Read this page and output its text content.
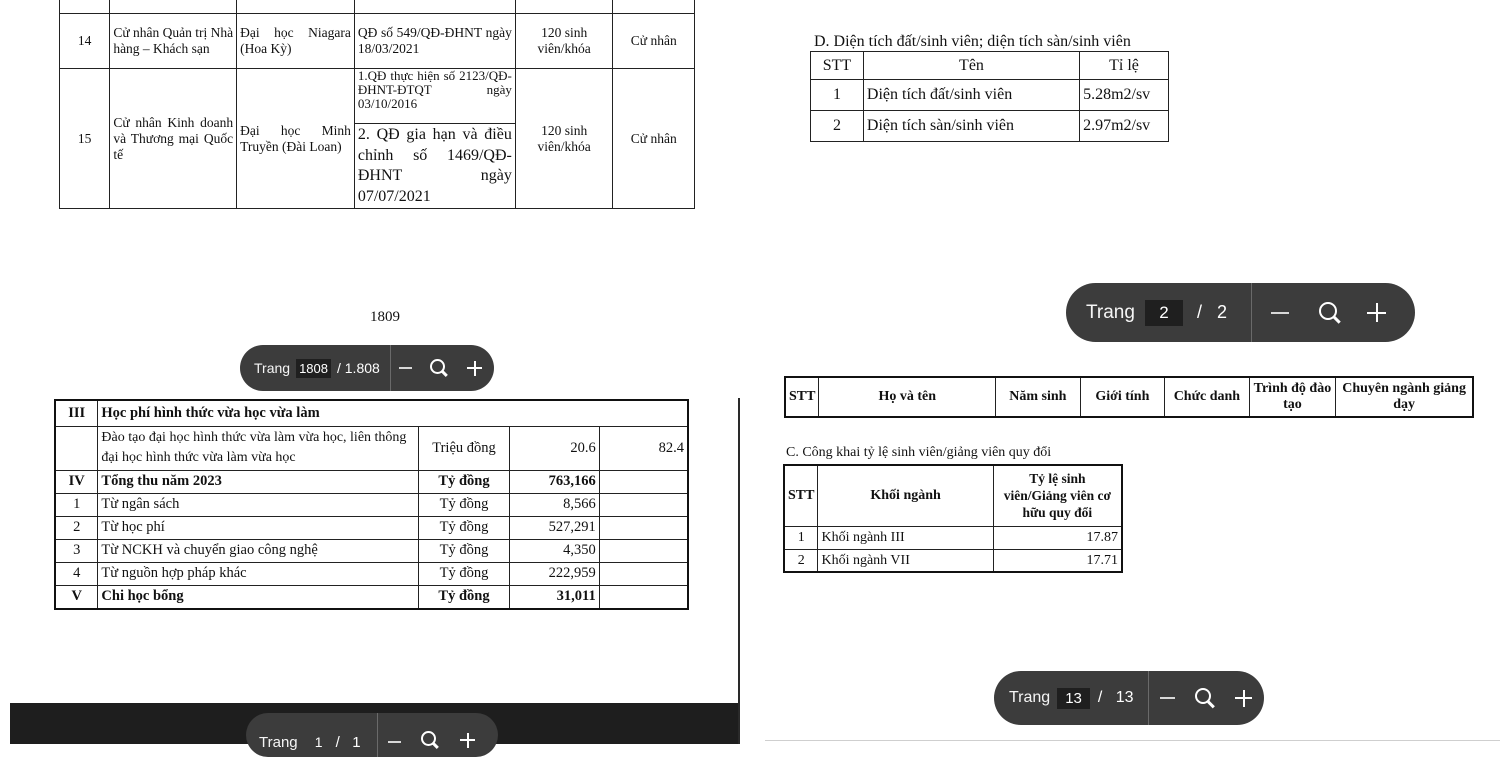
14	Cử nhân Quản trị Nhà hàng – Khách sạn	Đại học Niagara (Hoa Kỳ)	QĐ số 549/QĐ-ĐHNT ngày 18/03/2021	120 sinh viên/khóa	Cử nhân
15	Cử nhân Kinh doanh và Thương mại Quốc tế	Đại học Minh Truyền (Đài Loan)	1.QĐ thực hiện số 2123/QĐ-ĐHNT-ĐTQT ngày 03/10/2016
2. QĐ gia hạn và điều chỉnh số 1469/QĐ-ĐHNT ngày 07/07/2021	120 sinh viên/khóa	Cử nhân
1809
Trang 1808 / 1.808
D. Diện tích đất/sinh viên; diện tích sàn/sinh viên
STT	Tên	Tỉ lệ
1	Diện tích đất/sinh viên	5.28m2/sv
2	Diện tích sàn/sinh viên	2.97m2/sv
Trang	2	/   2
III	Học phí hình thức vừa học vừa làm			
	Đào tạo đại học hình thức vừa làm vừa học, liên thông đại học hình thức vừa làm vừa học	Triệu đồng	20.6	82.4
IV	Tổng thu năm 2023	Tỷ đồng	763,166	
1	Từ ngân sách	Tỷ đồng	8,566	
2	Từ học phí	Tỷ đồng	527,291	
3	Từ NCKH và chuyển giao công nghệ	Tỷ đồng	4,350	
4	Từ nguồn hợp pháp khác	Tỷ đồng	222,959	
V	Chi học bổng	Tỷ đồng	31,011	
STT	Họ và tên	Năm sinh	Giới tính	Chức danh	Trình độ đào tạo	Chuyên ngành giảng dạy
C. Công khai tỷ lệ sinh viên/giảng viên quy đổi
STT	Khối ngành	Tỷ lệ sinh viên/Giảng viên cơ hữu quy đổi
1	Khối ngành III	17.87
2	Khối ngành VII	17.71
Trang	13	/   13
Trang	1 /   1
